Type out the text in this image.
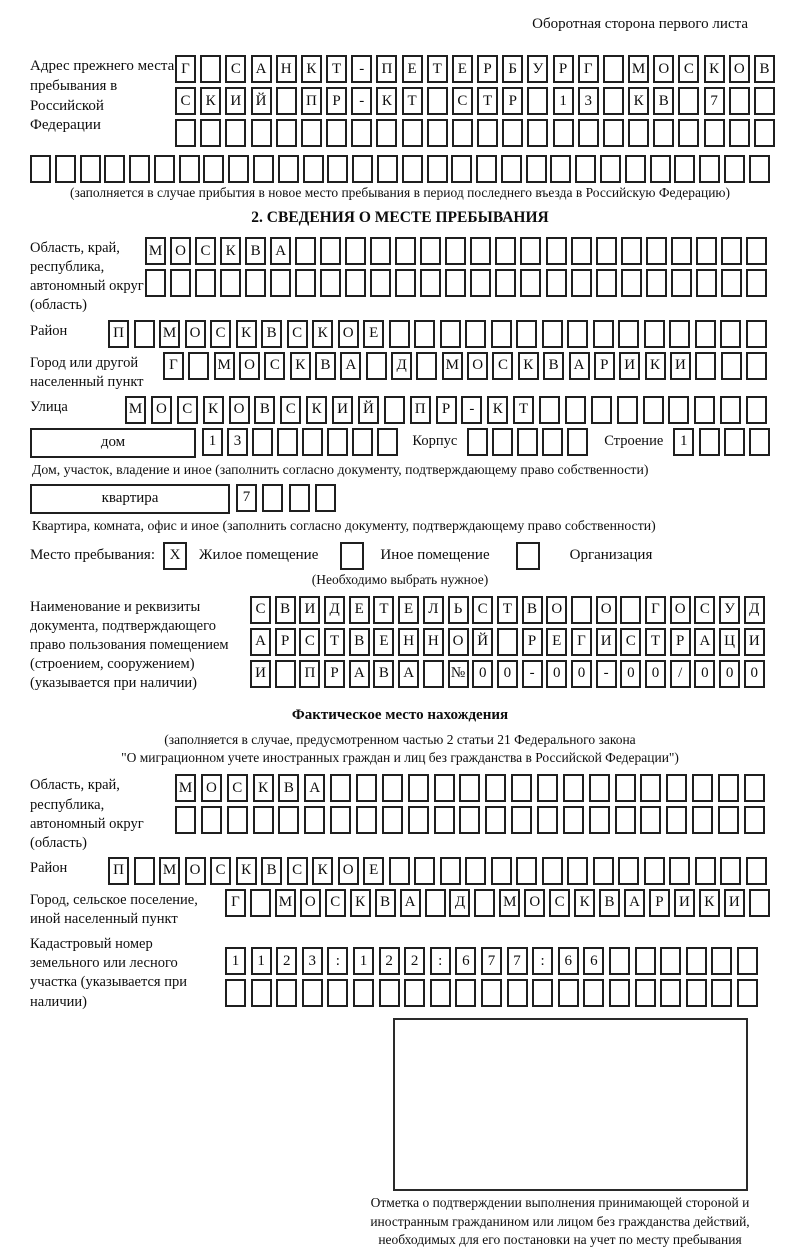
Оборотная сторона первого листа
Адрес прежнего места пребывания в Российской Федерации
Г	С А Н К	Т	-	П	Е	Т	Е	Р	Б	У	Р	Г	М О С	К О В
С	К И Й	П	Р	-	К	Т	С	Т	Р	1	3	К	В	7
(заполняется в случае прибытия в новое место пребывания в период последнего въезда в Российскую Федерацию)
2. СВЕДЕНИЯ О МЕСТЕ ПРЕБЫВАНИЯ
Область, край, республика, автономный округ (область)
М О С	К	В А
Район	П	М О	С	К	В	С	К	О	Е
Город или другой населенный пункт
Г	М О С	К	В А	Д	М О С	К	В А	Р	И К И
Улица	М О	С	К	О	В	С	К	И	Й	П	Р	-	К	Т
дом	1	3	Корпус	Строение	1
Дом, участок, владение и иное (заполнить согласно документу, подтверждающему право собственности)
квартира	7
Квартира, комната, офис и иное (заполнить согласно документу, подтверждающему право собственности)
Место пребывания: X	Жилое помещение	Иное помещение	Организация
(Необходимо выбрать нужное)
Наименование и реквизиты документа, подтверждающего право пользования помещением (строением, сооружением) (указывается при наличии)
С В И Д Е	Т	Е	Л	Ь	С	Т	В О	О	Г О С У Д
А	Р	С	Т	В	Е Н Н О Й	Р	Е	Г И С	Т	Р	А Ц И
И	П	Р	А В А	№ 0	0	-	0	0	-	0	0	/	0	0	0
Фактическое место нахождения
(заполняется в случае, предусмотренном частью 2 статьи 21 Федерального закона
"О миграционном учете иностранных граждан и лиц без гражданства в Российской Федерации")
Область, край, республика, автономный округ (область)
М О	С	К	В	А
Район	П	М О	С	К	В	С	К	О	Е
Город, сельское поселение, иной населенный пункт
Г	М О С К В А	Д	М О С К В А	Р	И К И
Кадастровый номер земельного или лесного участка (указывается при наличии)
1	1	2	3	:	1	2	2	:	6	7	7	:	6	6
Отметка о подтверждении выполнения принимающей стороной и иностранным гражданином или лицом без гражданства действий, необходимых для его постановки на учет по месту пребывания
